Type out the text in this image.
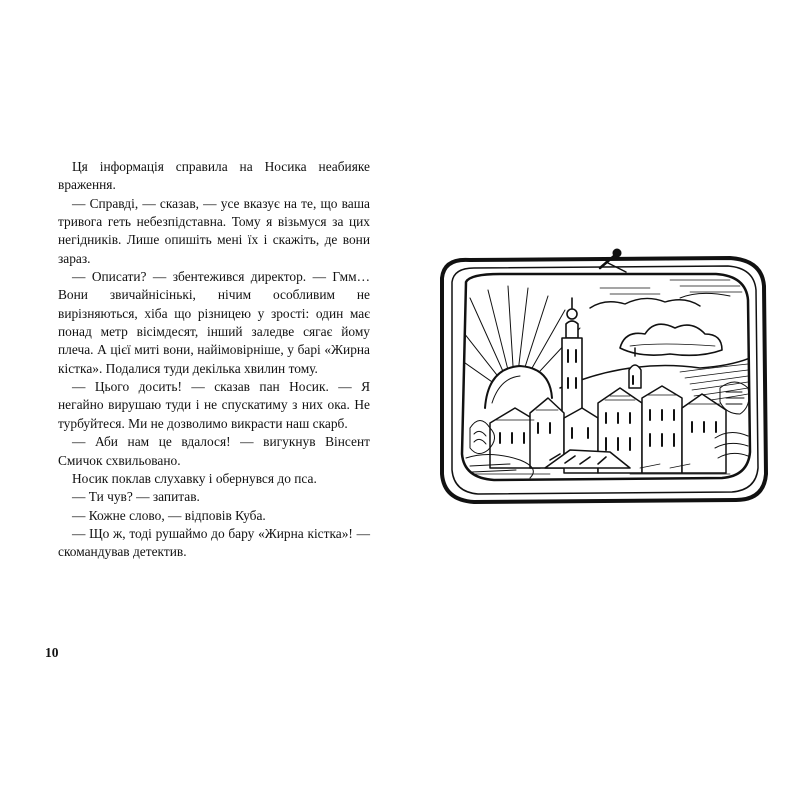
Ця інформація справила на Носика неабияке враження.

— Справді, — сказав, — усе вказує на те, що ваша тривога геть небезпідставна. Тому я візьмуся за цих негідників. Лише опишіть мені їх і скажіть, де вони зараз.

— Описати? — збентежився директор. — Гмм… Вони звичайнісінькі, нічим особливим не вирізняються, хіба що різницею у зрості: один має понад метр вісімдесят, інший заледве сягає йому плеча. А цієї миті вони, найімовірніше, у барі «Жирна кістка». Подалися туди декілька хвилин тому.

— Цього досить! — сказав пан Носик. — Я негайно вирушаю туди і не спускатиму з них ока. Не турбуйтеся. Ми не дозволимо викрасти наш скарб.

— Аби нам це вдалося! — вигукнув Вінсент Смичок схвильовано.

Носик поклав слухавку і обернувся до пса.

— Ти чув? — запитав.

— Кожне слово, — відповів Куба.

— Що ж, тоді рушаймо до бару «Жирна кістка»! — скомандував детектив.

10
